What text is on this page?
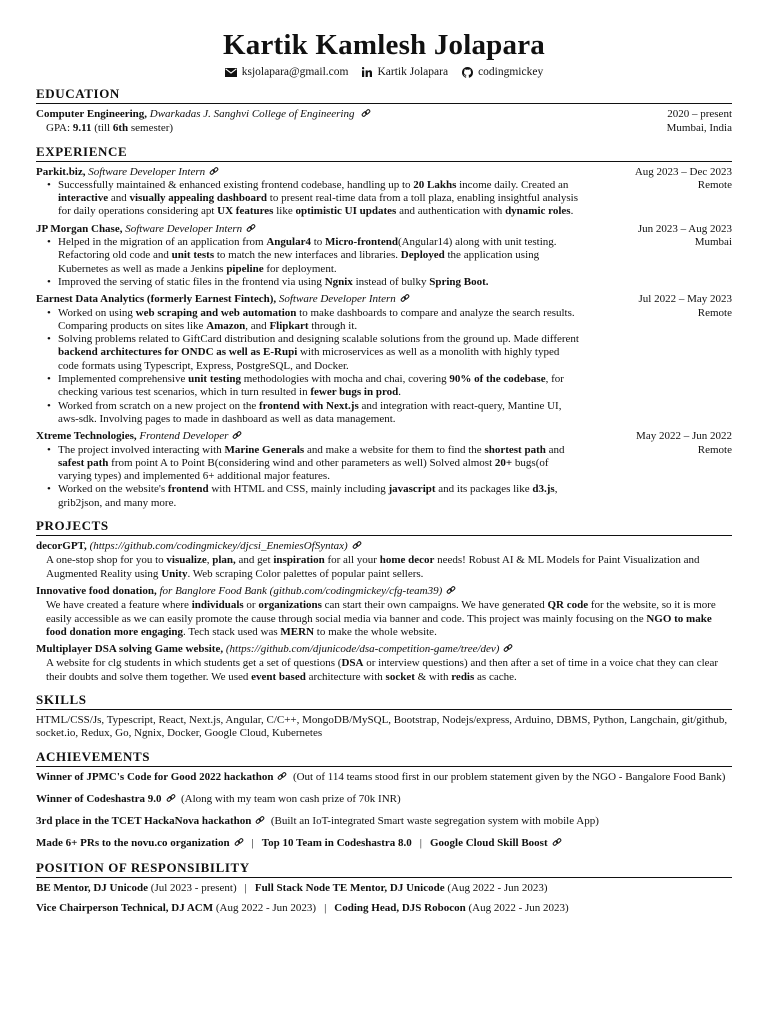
Kartik Kamlesh Jolapara
ksjolapara@gmail.com	Kartik Jolapara	codingmickey
EDUCATION
Computer Engineering, Dwarkadas J. Sanghvi College of Engineering	2020 – present
GPA: 9.11 (till 6th semester)	Mumbai, India
EXPERIENCE
Parkit.biz, Software Developer Intern	Aug 2023 – Dec 2023
Remote
• Successfully maintained & enhanced existing frontend codebase, handling up to 20 Lakhs income daily. Created an interactive and visually appealing dashboard to present real-time data from a toll plaza, enabling insightful analysis for daily operations considering apt UX features like optimistic UI updates and authentication with dynamic roles.
JP Morgan Chase, Software Developer Intern	Jun 2023 – Aug 2023
Mumbai
• Helped in the migration of an application from Angular4 to Micro-frontend(Angular14) along with unit testing. Refactoring old code and unit tests to match the new interfaces and libraries. Deployed the application using Kubernetes as well as made a Jenkins pipeline for deployment.
• Improved the serving of static files in the frontend via using Ngnix instead of bulky Spring Boot.
Earnest Data Analytics (formerly Earnest Fintech), Software Developer Intern	Jul 2022 – May 2023
Remote
• Worked on using web scraping and web automation to make dashboards to compare and analyze the search results. Comparing products on sites like Amazon, and Flipkart through it.
• Solving problems related to GiftCard distribution and designing scalable solutions from the ground up. Made different backend architectures for ONDC as well as E-Rupi with microservices as well as a monolith with highly typed code formats using Typescript, Express, PostgreSQL, and Docker.
• Implemented comprehensive unit testing methodologies with mocha and chai, covering 90% of the codebase, for checking various test scenarios, which in turn resulted in fewer bugs in prod.
• Worked from scratch on a new project on the frontend with Next.js and integration with react-query, Mantine UI, aws-sdk. Involving pages to made in dashboard as well as data management.
Xtreme Technologies, Frontend Developer	May 2022 – Jun 2022
Remote
• The project involved interacting with Marine Generals and make a website for them to find the shortest path and safest path from point A to Point B(considering wind and other parameters as well) Solved almost 20+ bugs(of varying types) and implemented 6+ additional major features.
• Worked on the website's frontend with HTML and CSS, mainly including javascript and its packages like d3.js, grib2json, and many more.
PROJECTS
decorGPT, (https://github.com/codingmickey/djcsi_EnemiesOfSyntax)
A one-stop shop for you to visualize, plan, and get inspiration for all your home decor needs! Robust AI & ML Models for Paint Visualization and Augmented Reality using Unity. Web scraping Color palettes of popular paint sellers.
Innovative food donation, for Banglore Food Bank (github.com/codingmickey/cfg-team39)
We have created a feature where individuals or organizations can start their own campaigns. We have generated QR code for the website, so it is more easily accessible as we can easily promote the cause through social media via banner and code. This project was mainly focusing on the NGO to make food donation more engaging. Tech stack used was MERN to make the whole website.
Multiplayer DSA solving Game website, (https://github.com/djunicode/dsa-competition-game/tree/dev)
A website for clg students in which students get a set of questions (DSA or interview questions) and then after a set of time in a voice chat they can clear their doubts and solve them together. We used event based architecture with socket & with redis as cache.
SKILLS
HTML/CSS/Js, Typescript, React, Next.js, Angular, C/C++, MongoDB/MySQL, Bootstrap, Nodejs/express, Arduino, DBMS, Python, Langchain, git/github, socket.io, Redux, Go, Ngnix, Docker, Google Cloud, Kubernetes
ACHIEVEMENTS
Winner of JPMC's Code for Good 2022 hackathon (Out of 114 teams stood first in our problem statement given by the NGO - Bangalore Food Bank)
Winner of Codeshastra 9.0 (Along with my team won cash prize of 70k INR)
3rd place in the TCET HackaNova hackathon (Built an IoT-integrated Smart waste segregation system with mobile App)
Made 6+ PRs to the novu.co organization | Top 10 Team in Codeshastra 8.0 | Google Cloud Skill Boost
POSITION OF RESPONSIBILITY
BE Mentor, DJ Unicode (Jul 2023 - present) | Full Stack Node TE Mentor, DJ Unicode (Aug 2022 - Jun 2023)
Vice Chairperson Technical, DJ ACM (Aug 2022 - Jun 2023) | Coding Head, DJS Robocon (Aug 2022 - Jun 2023)
